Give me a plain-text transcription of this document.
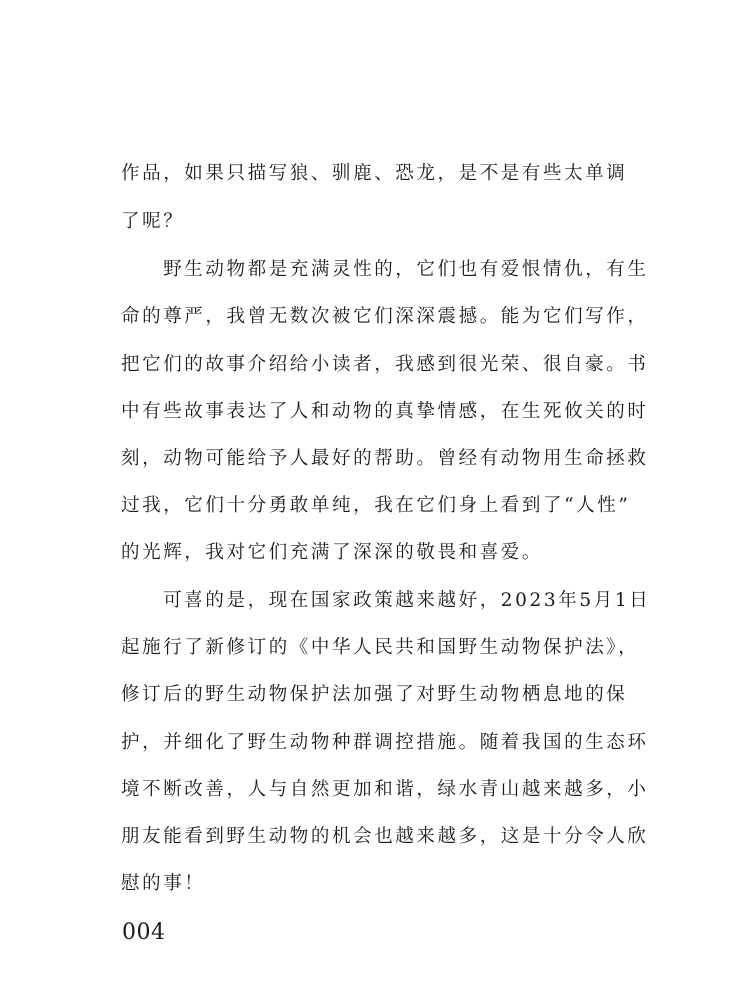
作品，如果只描写狼、驯鹿、恐龙，是不是有些太单调
了呢？
　　野生动物都是充满灵性的，它们也有爱恨情仇，有生
命的尊严，我曾无数次被它们深深震撼。能为它们写作，
把它们的故事介绍给小读者，我感到很光荣、很自豪。书
中有些故事表达了人和动物的真挚情感，在生死攸关的时
刻，动物可能给予人最好的帮助。曾经有动物用生命拯救
过我，它们十分勇敢单纯，我在它们身上看到了“人性”
的光辉，我对它们充满了深深的敬畏和喜爱。
　　可喜的是，现在国家政策越来越好，2023年5月1日
起施行了新修订的《中华人民共和国野生动物保护法》，
修订后的野生动物保护法加强了对野生动物栖息地的保
护，并细化了野生动物种群调控措施。随着我国的生态环
境不断改善，人与自然更加和谐，绿水青山越来越多，小
朋友能看到野生动物的机会也越来越多，这是十分令人欣
慰的事！
004
